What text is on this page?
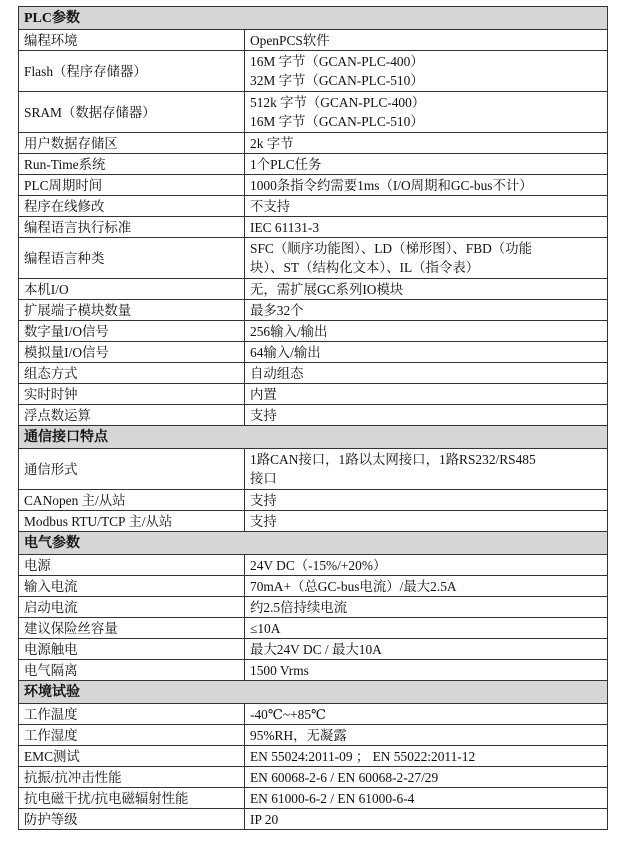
PLC参数	
编程环境	OpenPCS软件

Flash（程序存储器）	16M 字节（GCAN-PLC-400）
32M 字节（GCAN-PLC-510）

SRAM（数据存储器）	512k 字节（GCAN-PLC-400）
16M 字节（GCAN-PLC-510）

用户数据存储区	2k 字节

Run-Time系统	1个PLC任务

PLC周期时间	1000条指令约需要1ms（I/O周期和GC-bus不计）

程序在线修改	不支持

编程语言执行标准	IEC 61131-3

编程语言种类	SFC（顺序功能图）、LD（梯形图）、FBD（功能
块）、ST（结构化文本）、IL（指令表）

本机I/O	无，需扩展GC系列IO模块

扩展端子模块数量	最多32个

数字量I/O信号	256输入/输出

模拟量I/O信号	64输入/输出

组态方式	自动组态

实时时钟	内置

浮点数运算	支持

通信接口特点	
通信形式	1路CAN接口，1路以太网接口，1路RS232/RS485
接口

CANopen 主/从站	支持

Modbus RTU/TCP 主/从站	支持

电气参数	
电源	24V DC（-15%/+20%）

输入电流	70mA+（总GC-bus电流）/最大2.5A

启动电流	约2.5倍持续电流

建议保险丝容量	≤10A

电源触电	最大24V DC / 最大10A

电气隔离	1500 Vrms

环境试验	
工作温度	-40℃~+85℃

工作湿度	95%RH，无凝露

EMC测试	EN 55024:2011-09 ； EN 55022:2011-12

抗振/抗冲击性能	EN 60068-2-6 / EN 60068-2-27/29

抗电磁干扰/抗电磁辐射性能	EN 61000-6-2 / EN 61000-6-4

防护等级	IP 20
